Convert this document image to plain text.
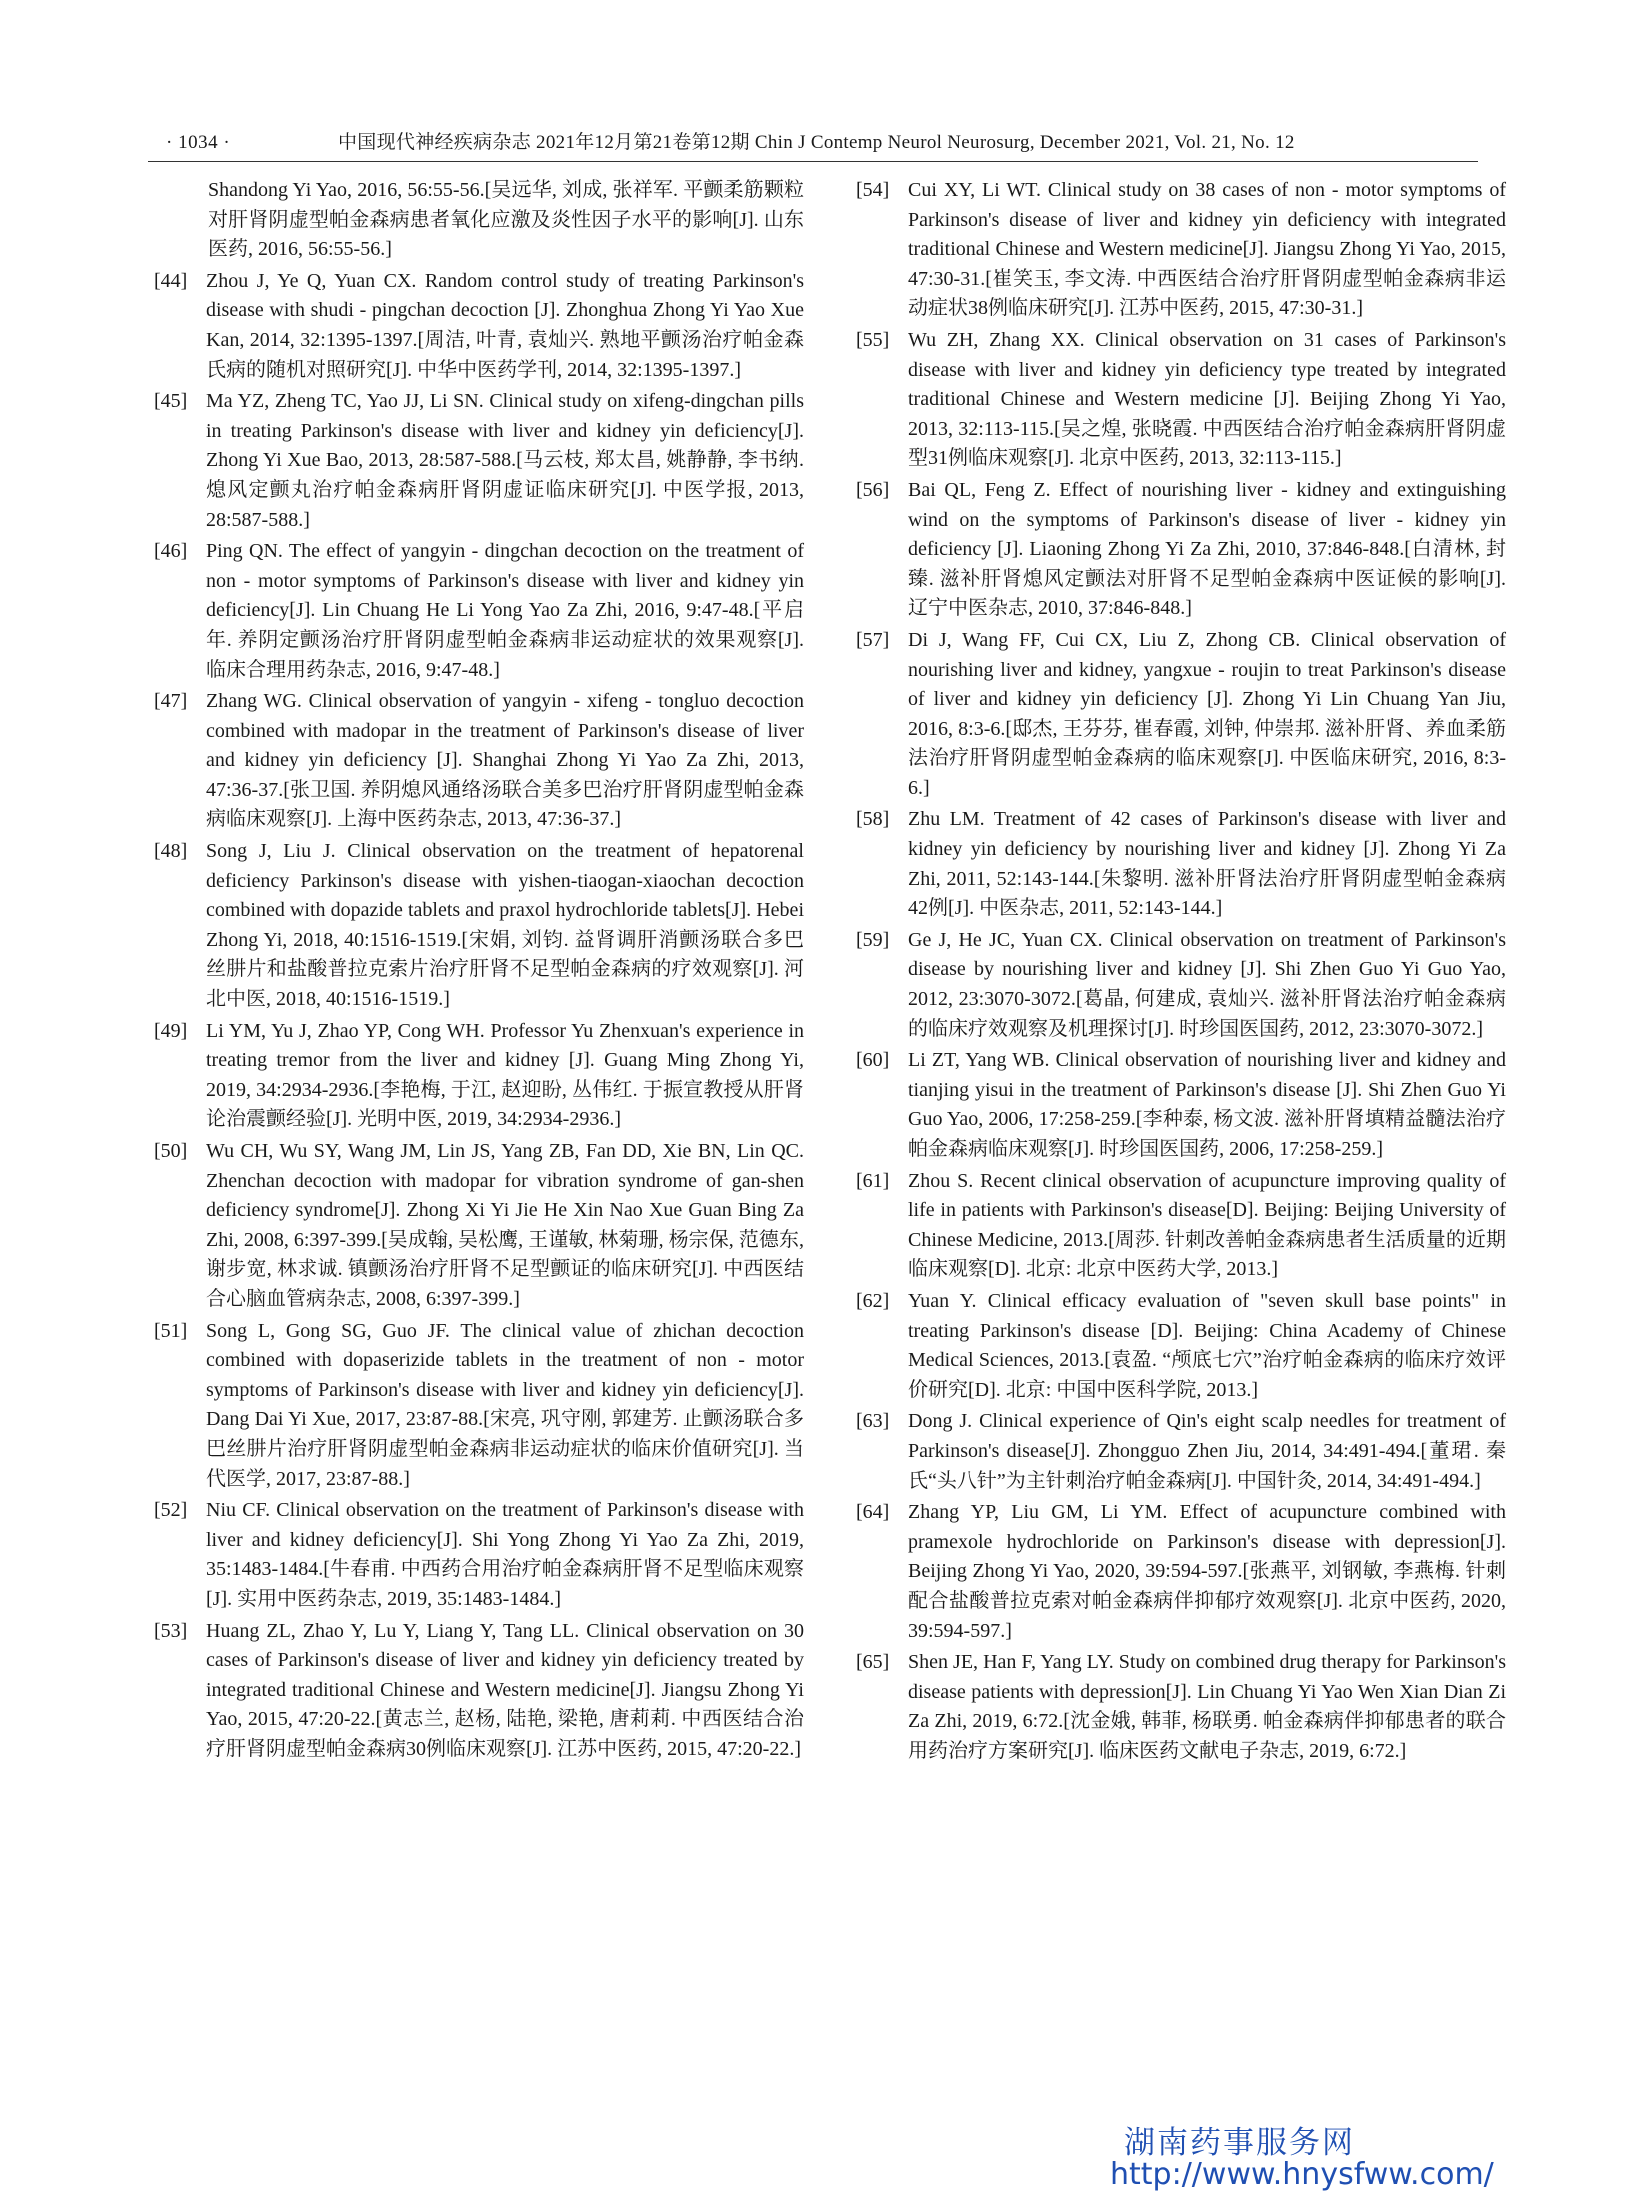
· 1034 ·	中国现代神经疾病杂志 2021年12月第21卷第12期 Chin J Contemp Neurol Neurosurg, December 2021, Vol. 21, No. 12
Shandong Yi Yao, 2016, 56:55-56.[吴远华, 刘成, 张祥军. 平颤柔筋颗粒对肝肾阴虚型帕金森病患者氧化应激及炎性因子水平的影响[J]. 山东医药, 2016, 56:55-56.]
[44] Zhou J, Ye Q, Yuan CX. Random control study of treating Parkinson's disease with shudi - pingchan decoction [J]. Zhonghua Zhong Yi Yao Xue Kan, 2014, 32:1395-1397.[周洁, 叶青, 袁灿兴. 熟地平颤汤治疗帕金森氏病的随机对照研究[J]. 中华中医药学刊, 2014, 32:1395-1397.]
[45] Ma YZ, Zheng TC, Yao JJ, Li SN. Clinical study on xifeng-dingchan pills in treating Parkinson's disease with liver and kidney yin deficiency[J]. Zhong Yi Xue Bao, 2013, 28:587-588.[马云枝, 郑太昌, 姚静静, 李书纳. 熄风定颤丸治疗帕金森病肝肾阴虚证临床研究[J]. 中医学报, 2013, 28:587-588.]
[46] Ping QN. The effect of yangyin - dingchan decoction on the treatment of non - motor symptoms of Parkinson's disease with liver and kidney yin deficiency[J]. Lin Chuang He Li Yong Yao Za Zhi, 2016, 9:47-48.[平启年. 养阴定颤汤治疗肝肾阴虚型帕金森病非运动症状的效果观察[J]. 临床合理用药杂志, 2016, 9:47-48.]
[47] Zhang WG. Clinical observation of yangyin - xifeng - tongluo decoction combined with madopar in the treatment of Parkinson's disease of liver and kidney yin deficiency [J]. Shanghai Zhong Yi Yao Za Zhi, 2013, 47:36-37.[张卫国. 养阴熄风通络汤联合美多巴治疗肝肾阴虚型帕金森病临床观察[J]. 上海中医药杂志, 2013, 47:36-37.]
[48] Song J, Liu J. Clinical observation on the treatment of hepatorenal deficiency Parkinson's disease with yishen-tiaogan-xiaochan decoction combined with dopazide tablets and praxol hydrochloride tablets[J]. Hebei Zhong Yi, 2018, 40:1516-1519.[宋娟, 刘钧. 益肾调肝消颤汤联合多巴丝肼片和盐酸普拉克索片治疗肝肾不足型帕金森病的疗效观察[J]. 河北中医, 2018, 40:1516-1519.]
[49] Li YM, Yu J, Zhao YP, Cong WH. Professor Yu Zhenxuan's experience in treating tremor from the liver and kidney [J]. Guang Ming Zhong Yi, 2019, 34:2934-2936.[李艳梅, 于江, 赵迎盼, 丛伟红. 于振宣教授从肝肾论治震颤经验[J]. 光明中医, 2019, 34:2934-2936.]
[50] Wu CH, Wu SY, Wang JM, Lin JS, Yang ZB, Fan DD, Xie BN, Lin QC. Zhenchan decoction with madopar for vibration syndrome of gan-shen deficiency syndrome[J]. Zhong Xi Yi Jie He Xin Nao Xue Guan Bing Za Zhi, 2008, 6:397-399.[吴成翰, 吴松鹰, 王谨敏, 林菊珊, 杨宗保, 范德东, 谢步宽, 林求诚. 镇颤汤治疗肝肾不足型颤证的临床研究[J]. 中西医结合心脑血管病杂志, 2008, 6:397-399.]
[51] Song L, Gong SG, Guo JF. The clinical value of zhichan decoction combined with dopaserizide tablets in the treatment of non - motor symptoms of Parkinson's disease with liver and kidney yin deficiency[J]. Dang Dai Yi Xue, 2017, 23:87-88.[宋亮, 巩守刚, 郭建芳. 止颤汤联合多巴丝肼片治疗肝肾阴虚型帕金森病非运动症状的临床价值研究[J]. 当代医学, 2017, 23:87-88.]
[52] Niu CF. Clinical observation on the treatment of Parkinson's disease with liver and kidney deficiency[J]. Shi Yong Zhong Yi Yao Za Zhi, 2019, 35:1483-1484.[牛春甫. 中西药合用治疗帕金森病肝肾不足型临床观察[J]. 实用中医药杂志, 2019, 35:1483-1484.]
[53] Huang ZL, Zhao Y, Lu Y, Liang Y, Tang LL. Clinical observation on 30 cases of Parkinson's disease of liver and kidney yin deficiency treated by integrated traditional Chinese and Western medicine[J]. Jiangsu Zhong Yi Yao, 2015, 47:20-22.[黄志兰, 赵杨, 陆艳, 梁艳, 唐莉莉. 中西医结合治疗肝肾阴虚型帕金森病30例临床观察[J]. 江苏中医药, 2015, 47:20-22.]
[54] Cui XY, Li WT. Clinical study on 38 cases of non - motor symptoms of Parkinson's disease of liver and kidney yin deficiency with integrated traditional Chinese and Western medicine[J]. Jiangsu Zhong Yi Yao, 2015, 47:30-31.[崔笑玉, 李文涛. 中西医结合治疗肝肾阴虚型帕金森病非运动症状38例临床研究[J]. 江苏中医药, 2015, 47:30-31.]
[55] Wu ZH, Zhang XX. Clinical observation on 31 cases of Parkinson's disease with liver and kidney yin deficiency type treated by integrated traditional Chinese and Western medicine [J]. Beijing Zhong Yi Yao, 2013, 32:113-115.[吴之煌, 张晓霞. 中西医结合治疗帕金森病肝肾阴虚型31例临床观察[J]. 北京中医药, 2013, 32:113-115.]
[56] Bai QL, Feng Z. Effect of nourishing liver - kidney and extinguishing wind on the symptoms of Parkinson's disease of liver - kidney yin deficiency [J]. Liaoning Zhong Yi Za Zhi, 2010, 37:846-848.[白清林, 封臻. 滋补肝肾熄风定颤法对肝肾不足型帕金森病中医证候的影响[J]. 辽宁中医杂志, 2010, 37:846-848.]
[57] Di J, Wang FF, Cui CX, Liu Z, Zhong CB. Clinical observation of nourishing liver and kidney, yangxue - roujin to treat Parkinson's disease of liver and kidney yin deficiency [J]. Zhong Yi Lin Chuang Yan Jiu, 2016, 8:3-6.[邸杰, 王芬芬, 崔春霞, 刘钟, 仲崇邦. 滋补肝肾、养血柔筋法治疗肝肾阴虚型帕金森病的临床观察[J]. 中医临床研究, 2016, 8:3-6.]
[58] Zhu LM. Treatment of 42 cases of Parkinson's disease with liver and kidney yin deficiency by nourishing liver and kidney [J]. Zhong Yi Za Zhi, 2011, 52:143-144.[朱黎明. 滋补肝肾法治疗肝肾阴虚型帕金森病42例[J]. 中医杂志, 2011, 52:143-144.]
[59] Ge J, He JC, Yuan CX. Clinical observation on treatment of Parkinson's disease by nourishing liver and kidney [J]. Shi Zhen Guo Yi Guo Yao, 2012, 23:3070-3072.[葛晶, 何建成, 袁灿兴. 滋补肝肾法治疗帕金森病的临床疗效观察及机理探讨[J]. 时珍国医国药, 2012, 23:3070-3072.]
[60] Li ZT, Yang WB. Clinical observation of nourishing liver and kidney and tianjing yisui in the treatment of Parkinson's disease [J]. Shi Zhen Guo Yi Guo Yao, 2006, 17:258-259.[李种泰, 杨文波. 滋补肝肾填精益髓法治疗帕金森病临床观察[J]. 时珍国医国药, 2006, 17:258-259.]
[61] Zhou S. Recent clinical observation of acupuncture improving quality of life in patients with Parkinson's disease[D]. Beijing: Beijing University of Chinese Medicine, 2013.[周莎. 针刺改善帕金森病患者生活质量的近期临床观察[D]. 北京: 北京中医药大学, 2013.]
[62] Yuan Y. Clinical efficacy evaluation of "seven skull base points" in treating Parkinson's disease [D]. Beijing: China Academy of Chinese Medical Sciences, 2013.[袁盈. “颅底七穴”治疗帕金森病的临床疗效评价研究[D]. 北京: 中国中医科学院, 2013.]
[63] Dong J. Clinical experience of Qin's eight scalp needles for treatment of Parkinson's disease[J]. Zhongguo Zhen Jiu, 2014, 34:491-494.[董珺. 秦氏“头八针”为主针刺治疗帕金森病[J]. 中国针灸, 2014, 34:491-494.]
[64] Zhang YP, Liu GM, Li YM. Effect of acupuncture combined with pramexole hydrochloride on Parkinson's disease with depression[J]. Beijing Zhong Yi Yao, 2020, 39:594-597.[张燕平, 刘钢敏, 李燕梅. 针刺配合盐酸普拉克索对帕金森病伴抑郁疗效观察[J]. 北京中医药, 2020, 39:594-597.]
[65] Shen JE, Han F, Yang LY. Study on combined drug therapy for Parkinson's disease patients with depression[J]. Lin Chuang Yi Yao Wen Xian Dian Zi Za Zhi, 2019, 6:72.[沈金娥, 韩菲, 杨联勇. 帕金森病伴抑郁患者的联合用药治疗方案研究[J]. 临床医药文献电子杂志, 2019, 6:72.]
湖南药事服务网
http://www.hnysfww.com/
